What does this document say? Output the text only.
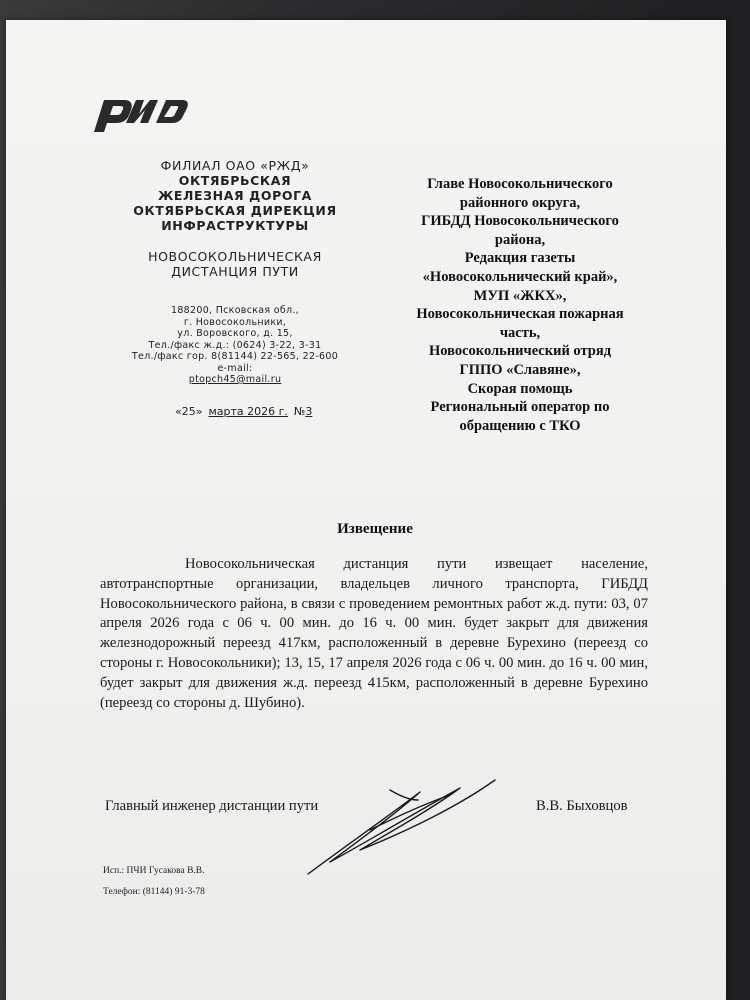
ФИЛИАЛ ОАО «РЖД»
ОКТЯБРЬСКАЯ
ЖЕЛЕЗНАЯ ДОРОГА
ОКТЯБРЬСКАЯ ДИРЕКЦИЯ
ИНФРАСТРУКТУРЫ
НОВОСОКОЛЬНИЧЕСКАЯ
ДИСТАНЦИЯ ПУТИ
188200, Псковская обл.,
г. Новосокольники,
ул. Воровского, д. 15,
Тел./факс ж.д.: (0624) 3-22, 3-31
Тел./факс гор. 8(81144) 22-565, 22-600
e-mail:
ptopch45@mail.ru
«25» марта 2026 г. №3
Главе Новосокольнического
районного округа,
ГИБДД Новосокольнического
района,
Редакция газеты
«Новосокольнический край»,
МУП «ЖКХ»,
Новосокольническая пожарная
часть,
Новосокольнический отряд
ГППО «Славяне»,
Скорая помощь
Региональный оператор по
обращению с ТКО
Извещение

Новосокольническая дистанция пути извещает население, автотранспортные организации, владельцев личного транспорта, ГИБДД Новосокольнического района, в связи с проведением ремонтных работ ж.д. пути: 03, 07 апреля 2026 года с 06 ч. 00 мин. до 16 ч. 00 мин. будет закрыт для движения железнодорожный переезд 417км, расположенный в деревне Бурехино (переезд со стороны г. Новосокольники); 13, 15, 17 апреля 2026 года с 06 ч. 00 мин. до 16 ч. 00 мин, будет закрыт для движения ж.д. переезд 415км, расположенный в деревне Бурехино (переезд со стороны д. Шубино).

Главный инженер дистанции пути	В.В. Быховцов
Исп.: ПЧИ Гусакова В.В.
Телефон: (81144) 91-3-78
